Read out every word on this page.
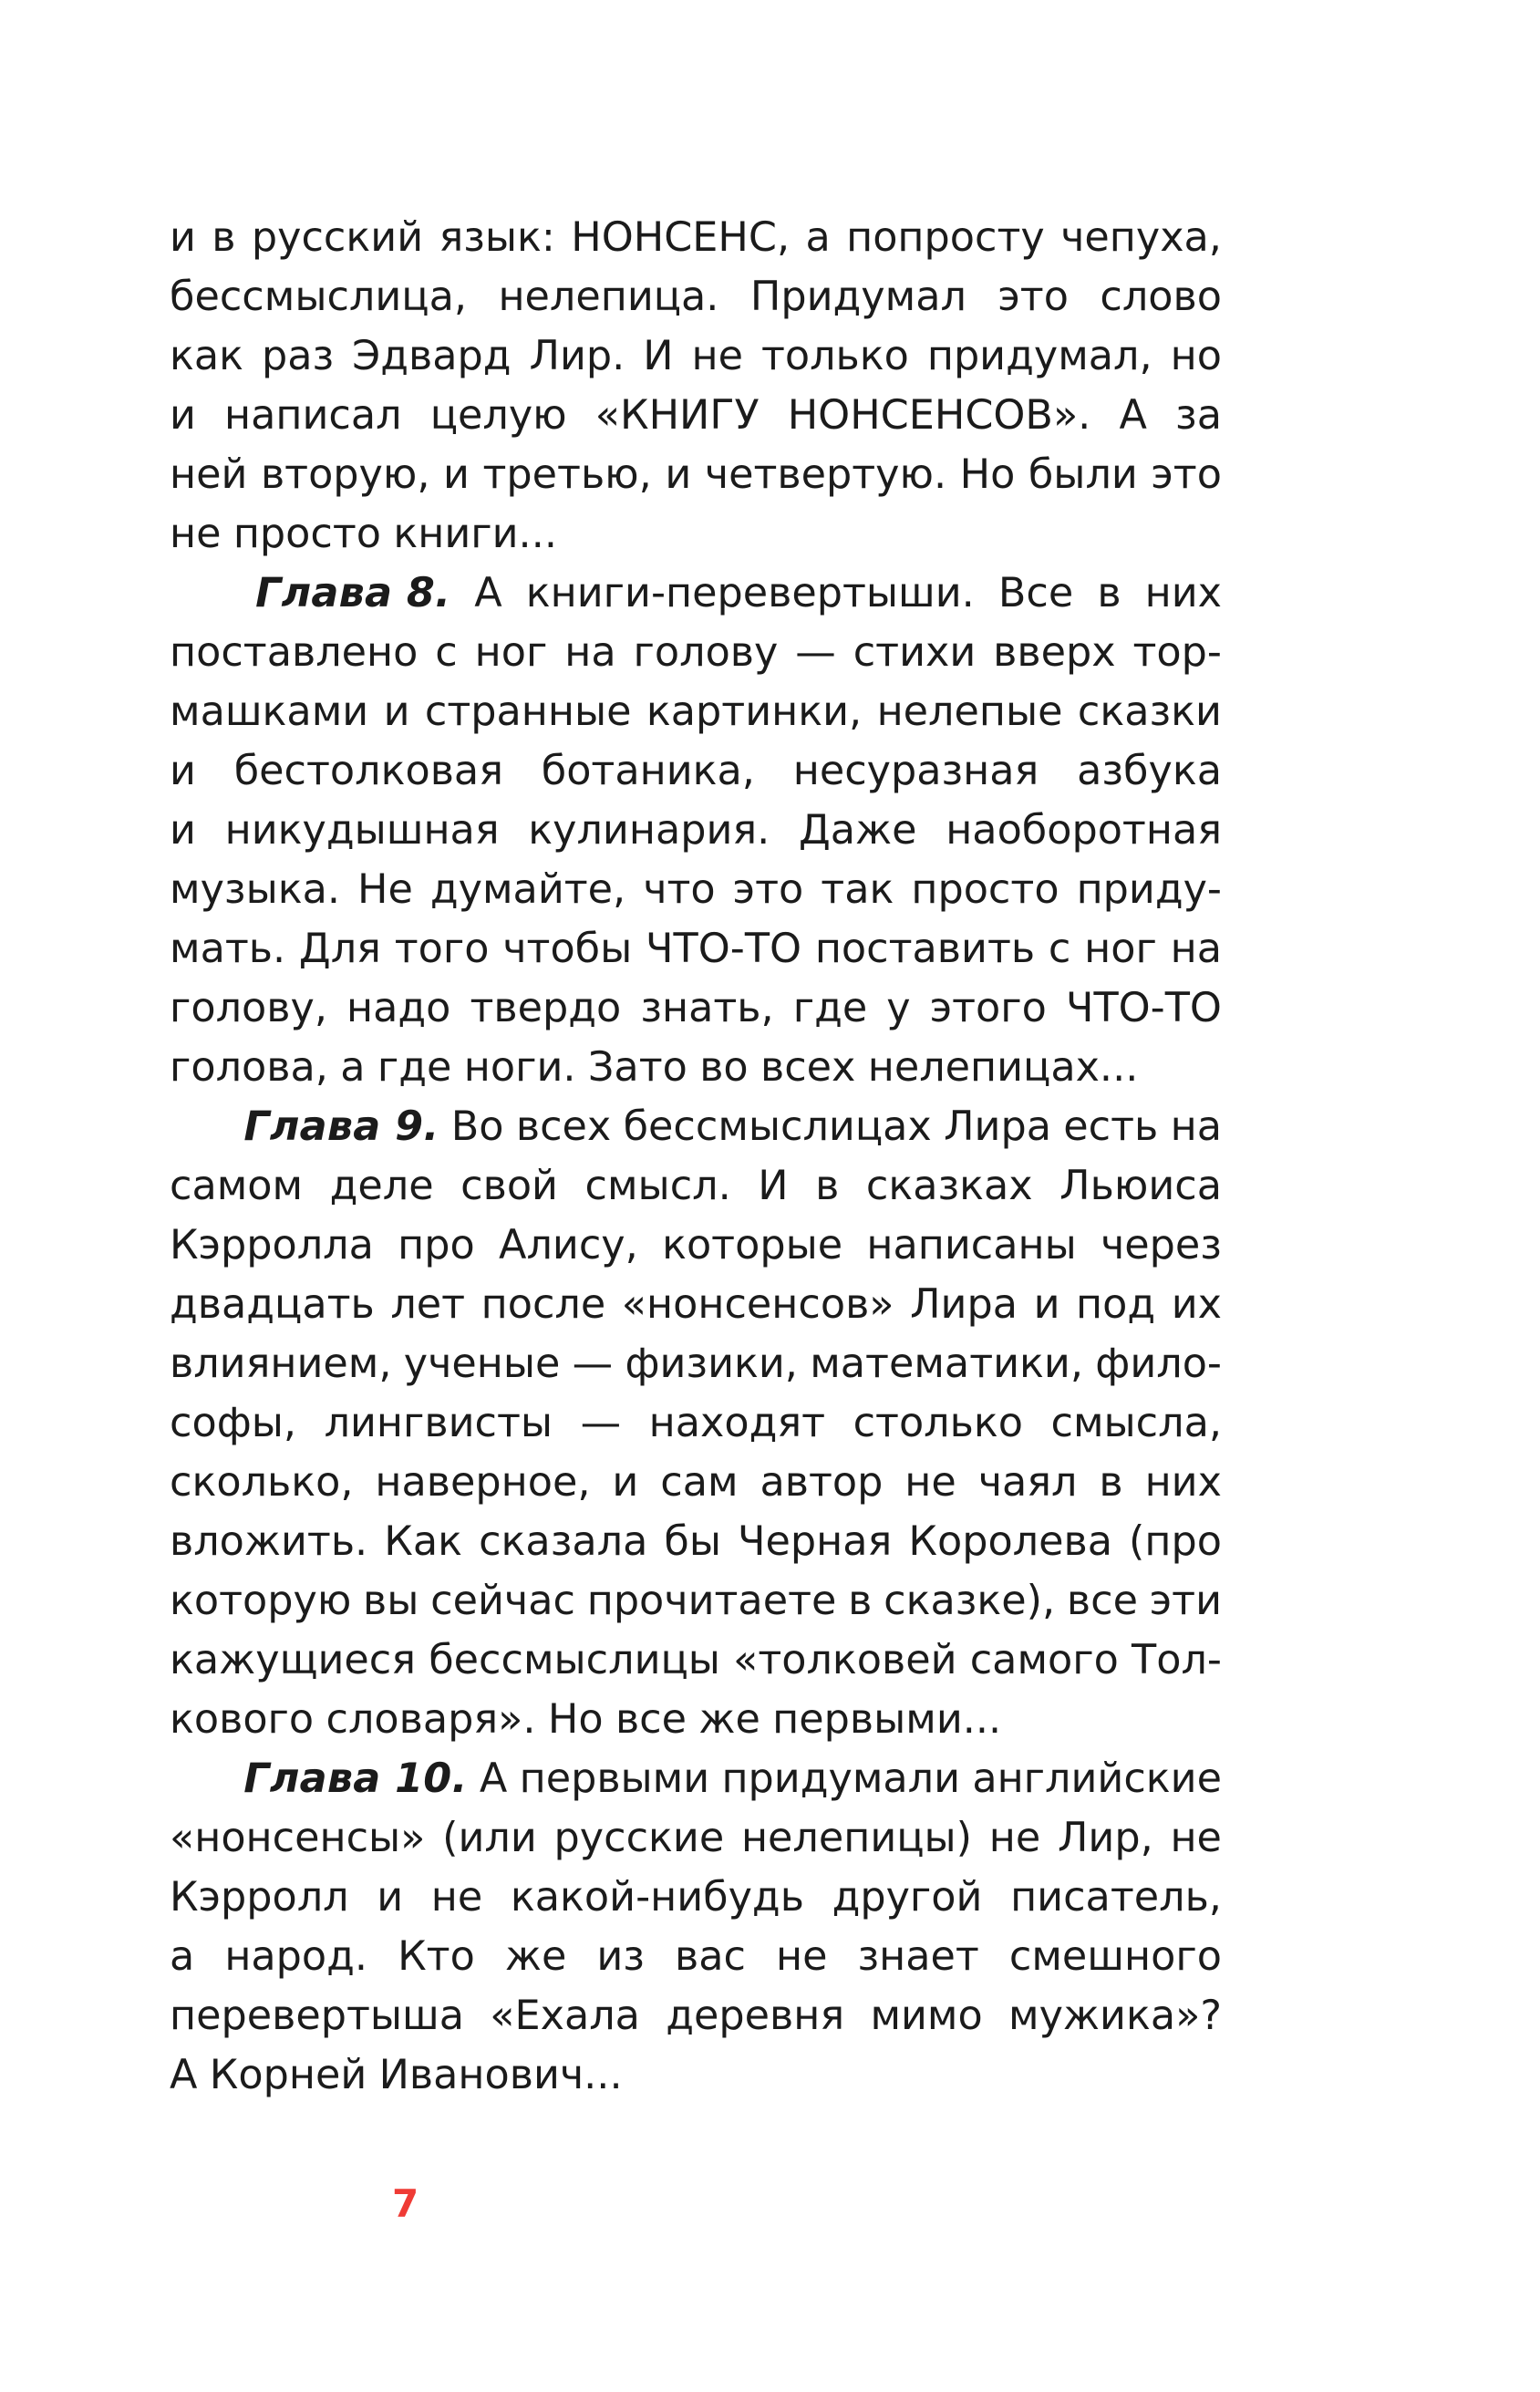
и в русский язык: НОНСЕНС, а попросту чепуха,
бессмыслица, нелепица. Придумал это слово
как раз Эдвард Лир. И не только придумал, но
и написал целую «КНИГУ НОНСЕНСОВ». А за
ней вторую, и третью, и четвертую. Но были это
не просто книги...
Глава 8. А книги-перевертыши. Все в них
поставлено с ног на голову — стихи вверх тор-
машками и странные картинки, нелепые сказки
и бестолковая ботаника, несуразная азбука
и никудышная кулинария. Даже наоборотная
музыка. Не думайте, что это так просто приду-
мать. Для того чтобы ЧТО-ТО поставить с ног на
голову, надо твердо знать, где у этого ЧТО-ТО
голова, а где ноги. Зато во всех нелепицах...
Глава 9. Во всех бессмыслицах Лира есть на
самом деле свой смысл. И в сказках Льюиса
Кэрролла про Алису, которые написаны через
двадцать лет после «нонсенсов» Лира и под их
влиянием, ученые — физики, математики, фило-
софы, лингвисты — находят столько смысла,
сколько, наверное, и сам автор не чаял в них
вложить. Как сказала бы Черная Королева (про
которую вы сейчас прочитаете в сказке), все эти
кажущиеся бессмыслицы «толковей самого Тол-
кового словаря». Но все же первыми...
Глава 10. А первыми придумали английские
«нонсенсы» (или русские нелепицы) не Лир, не
Кэрролл и не какой-нибудь другой писатель,
а народ. Кто же из вас не знает смешного
перевертыша «Ехала деревня мимо мужика»?
А Корней Иванович...
7
